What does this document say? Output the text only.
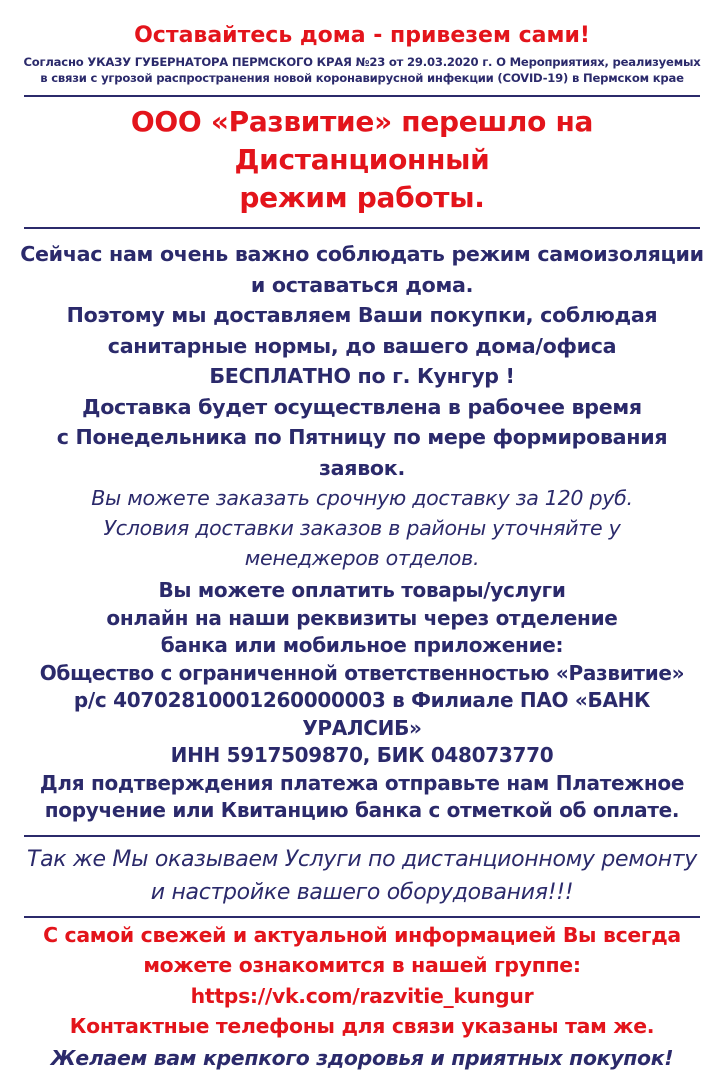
Оставайтесь дома - привезем сами!

Согласно УКАЗУ ГУБЕРНАТОРА ПЕРМСКОГО КРАЯ №23 от 29.03.2020 г. О Мероприятиях, реализуемых

в связи с угрозой распространения новой коронавирусной инфекции (COVID-19) в Пермском крае

ООО «Развитие» перешло на Дистанционный

режим работы.

Сейчас нам очень важно соблюдать режим самоизоляции

и оставаться дома.

Поэтому мы доставляем Ваши покупки, соблюдая

санитарные нормы, до вашего дома/офиса

БЕСПЛАТНО по г. Кунгур !

Доставка будет осуществлена в рабочее время

с Понедельника по Пятницу по мере формирования заявок.

Вы можете заказать срочную доставку за 120 руб.

Условия доставки заказов в районы уточняйте у

менеджеров отделов.

Вы можете оплатить товары/услуги

онлайн на наши реквизиты через отделение

банка или мобильное приложение:

Общество с ограниченной ответственностью «Развитие»

р/с 40702810001260000003 в Филиале ПАО «БАНК УРАЛСИБ»

ИНН 5917509870, БИК 048073770

Для подтверждения платежа отправьте нам Платежное

поручение или Квитанцию банка с отметкой об оплате.

Так же Мы оказываем Услуги по дистанционному ремонту

и настройке вашего оборудования!!!

С самой свежей и актуальной информацией Вы всегда

можете ознакомится в нашей группе:

https://vk.com/razvitie_kungur

Контактные телефоны для связи указаны там же.

Желаем вам крепкого здоровья и приятных покупок!
